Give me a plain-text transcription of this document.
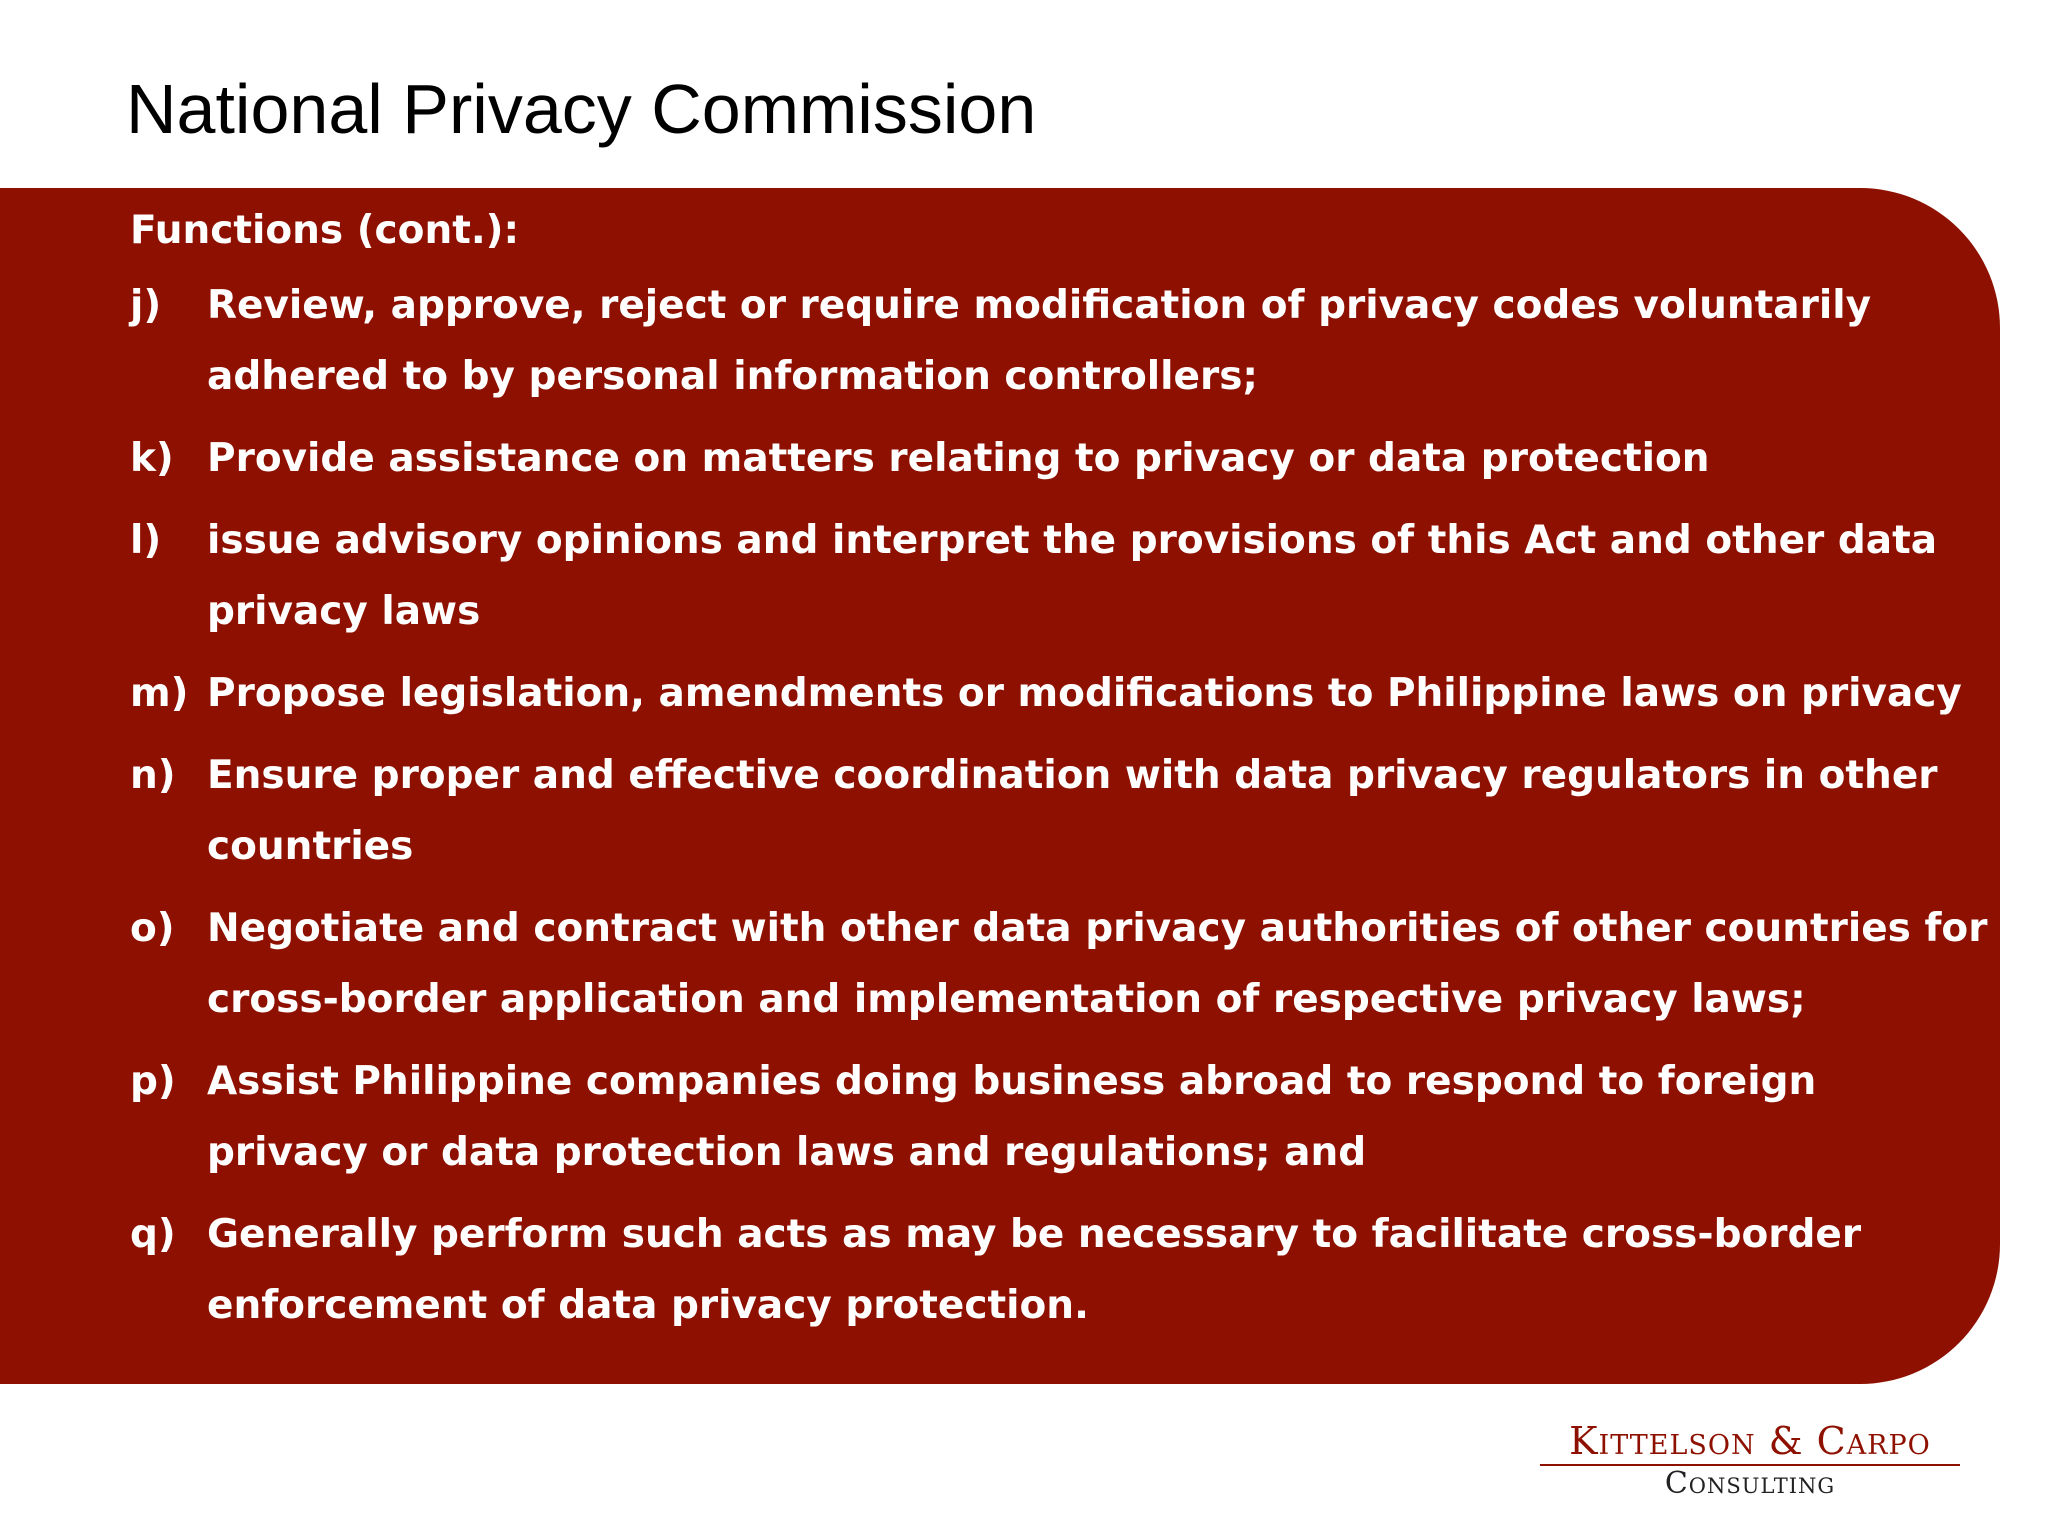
National Privacy Commission

Functions (cont.):

j)	Review, approve, reject or require modification of privacy codes voluntarily adhered to by personal information controllers;
k) Provide assistance on matters relating to privacy or data protection
l)	issue advisory opinions and interpret the provisions of this Act and other data privacy laws
m) Propose legislation, amendments or modifications to Philippine laws on privacy
n) Ensure proper and effective coordination with data privacy regulators in other countries
o) Negotiate and contract with other data privacy authorities of other countries for cross-border application and implementation of respective privacy laws;
p) Assist Philippine companies doing business abroad to respond to foreign privacy or data protection laws and regulations; and
q) Generally perform such acts as may be necessary to facilitate cross-border enforcement of data privacy protection.
Kittelson & Carpo
Consulting
